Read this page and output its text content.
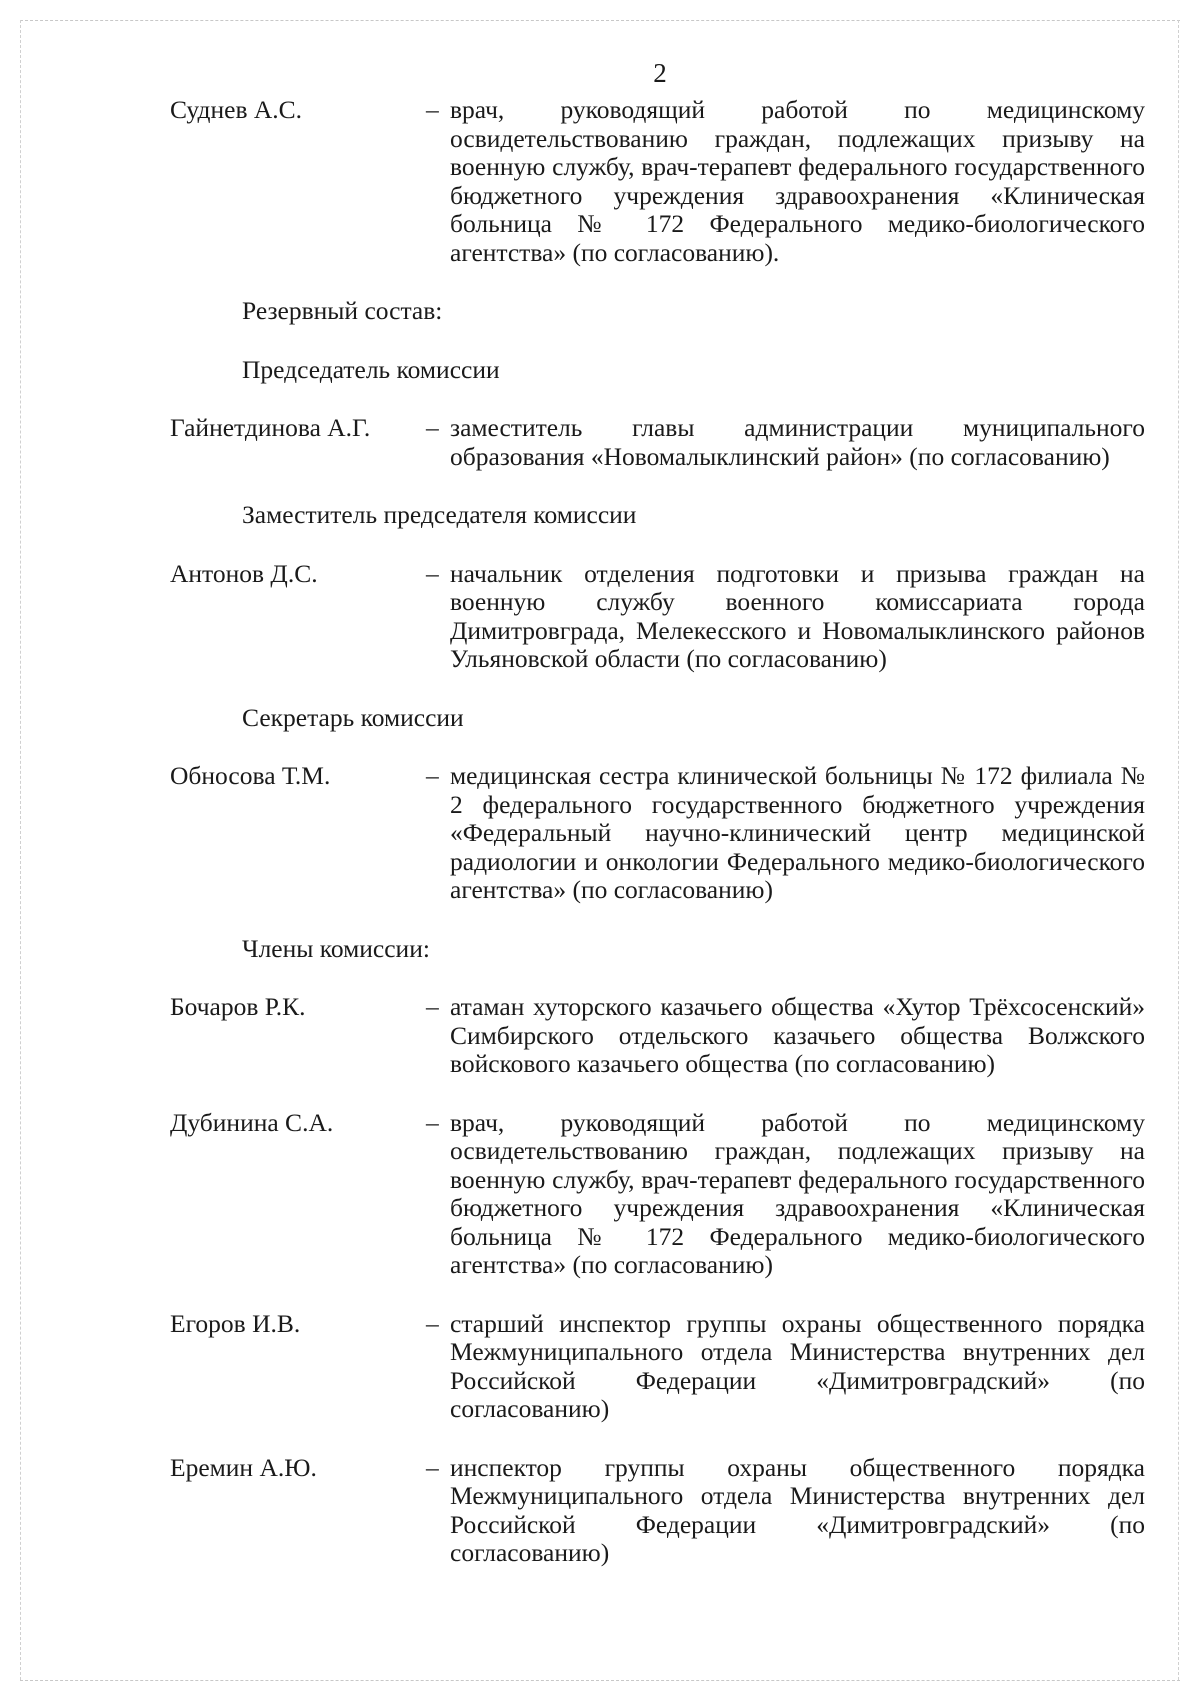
2
Суднев А.С.	– врач, руководящий работой по медицинскому освидетельствованию граждан, подлежащих призыву на военную службу, врач-терапевт федерального государственного бюджетного учреждения здравоохранения «Клиническая больница № 172 Федерального медико-биологического агентства» (по согласованию).
Резервный состав:
Председатель комиссии
Гайнетдинова А.Г.	– заместитель главы администрации муниципального образования «Новомалыклинский район» (по согласованию)
Заместитель председателя комиссии
Антонов Д.С.	– начальник отделения подготовки и призыва граждан на военную службу военного комиссариата города Димитровграда, Мелекесского и Новомалыклинского районов Ульяновской области (по согласованию)
Секретарь комиссии
Обносова Т.М.	– медицинская сестра клинической больницы № 172 филиала № 2 федерального государственного бюджетного учреждения «Федеральный научно-клинический центр медицинской радиологии и онкологии Федерального медико-биологического агентства» (по согласованию)
Члены комиссии:
Бочаров Р.К.	– атаман хуторского казачьего общества «Хутор Трёхсосенский» Симбирского отдельского казачьего общества Волжского войскового казачьего общества (по согласованию)
Дубинина С.А.	– врач, руководящий работой по медицинскому освидетельствованию граждан, подлежащих призыву на военную службу, врач-терапевт федерального государственного бюджетного учреждения здравоохранения «Клиническая больница № 172 Федерального медико-биологического агентства» (по согласованию)
Егоров И.В.	– старший инспектор группы охраны общественного порядка Межмуниципального отдела Министерства внутренних дел Российской Федерации «Димитровградский» (по согласованию)
Еремин А.Ю.	– инспектор группы охраны общественного порядка Межмуниципального отдела Министерства внутренних дел Российской Федерации «Димитровградский» (по согласованию)
